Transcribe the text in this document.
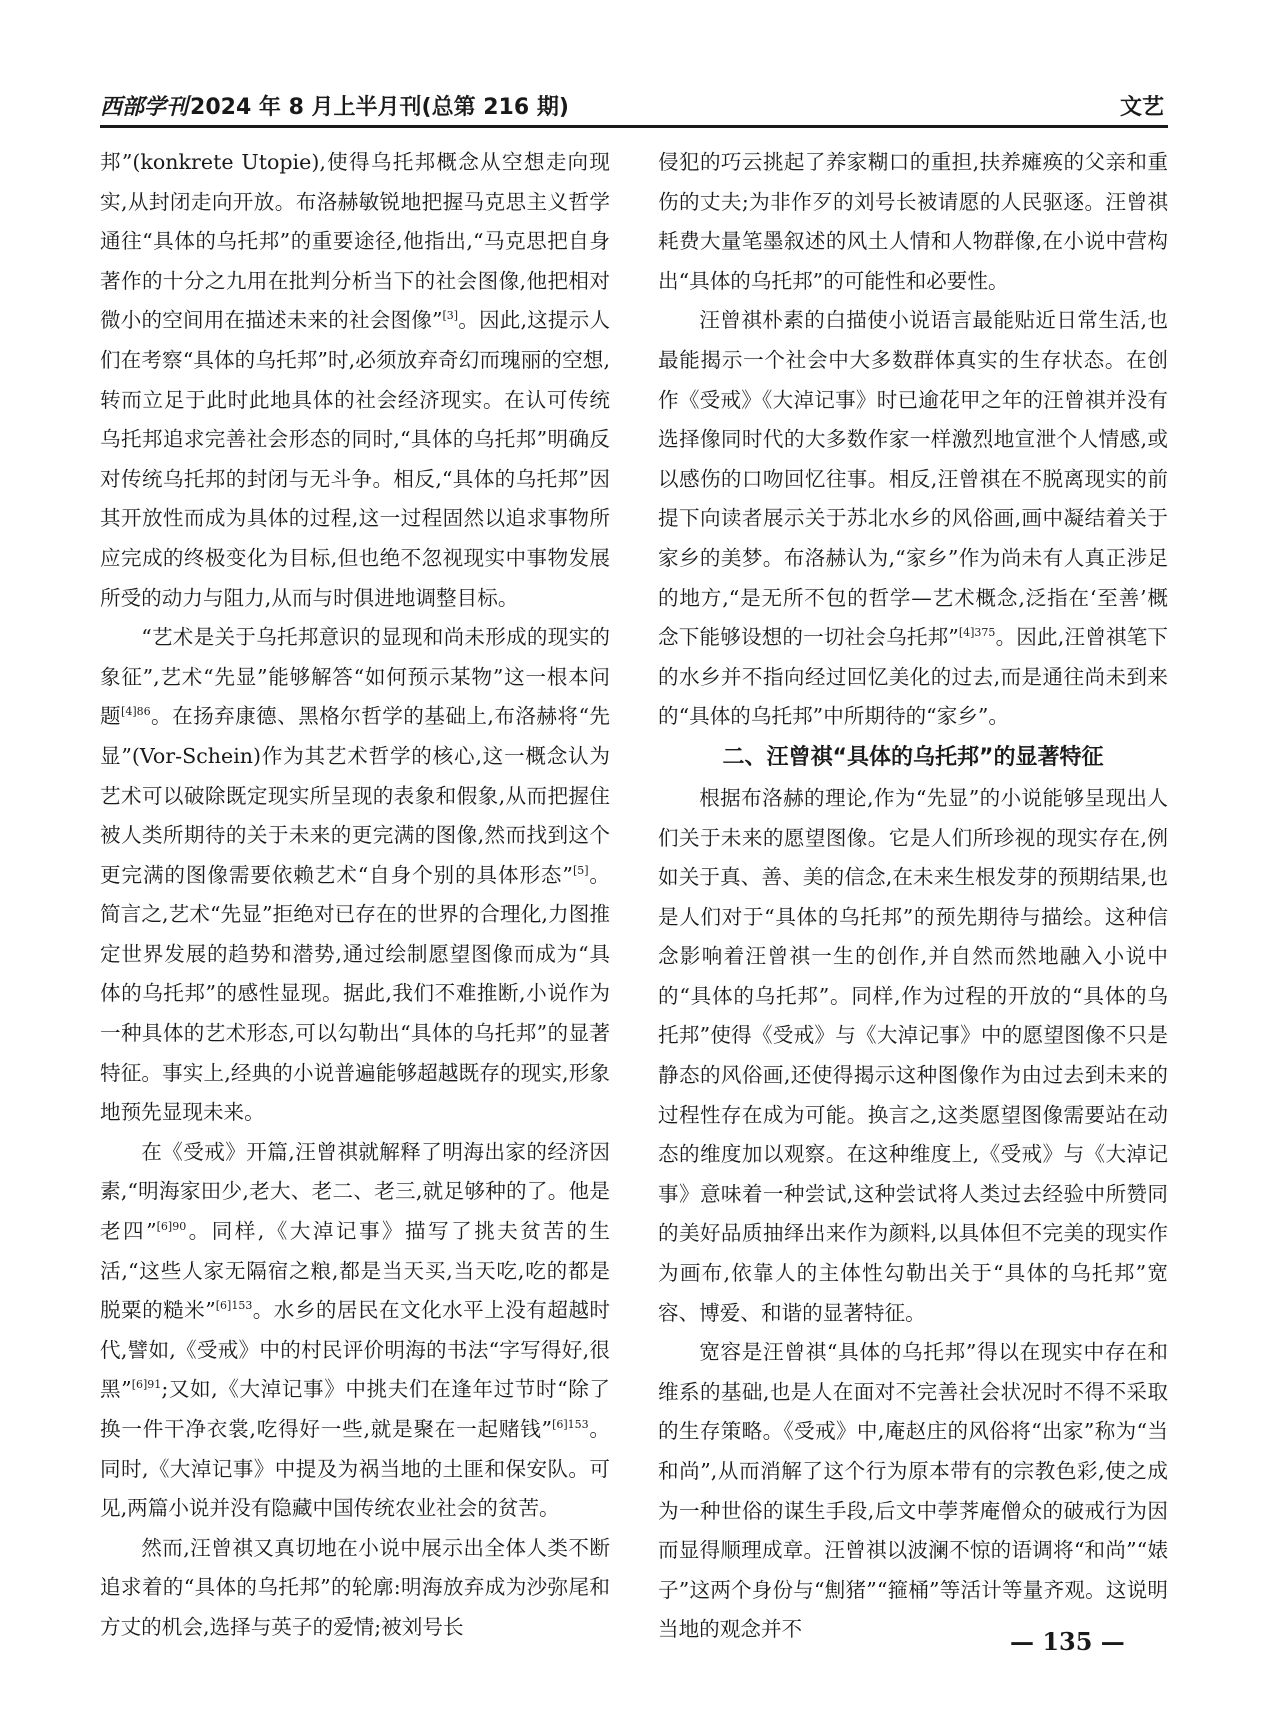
西部学刊2024 年 8 月上半月刊(总第 216 期)	文艺

邦”(konkrete Utopie),使得乌托邦概念从空想走向现实,从封闭走向开放。布洛赫敏锐地把握马克思主义哲学通往“具体的乌托邦”的重要途径,他指出,“马克思把自身著作的十分之九用在批判分析当下的社会图像,他把相对微小的空间用在描述未来的社会图像”[3]。因此,这提示人们在考察“具体的乌托邦”时,必须放弃奇幻而瑰丽的空想,转而立足于此时此地具体的社会经济现实。在认可传统乌托邦追求完善社会形态的同时,“具体的乌托邦”明确反对传统乌托邦的封闭与无斗争。相反,“具体的乌托邦”因其开放性而成为具体的过程,这一过程固然以追求事物所应完成的终极变化为目标,但也绝不忽视现实中事物发展所受的动力与阻力,从而与时俱进地调整目标。

“艺术是关于乌托邦意识的显现和尚未形成的现实的象征”,艺术“先显”能够解答“如何预示某物”这一根本问题$^{[4]86}$。在扬弃康德、黑格尔哲学的基础上,布洛赫将“先显”(Vor-Schein)作为其艺术哲学的核心,这一概念认为艺术可以破除既定现实所呈现的表象和假象,从而把握住被人类所期待的关于未来的更完满的图像,然而找到这个更完满的图像需要依赖艺术“自身个别的具体形态”[5]。简言之,艺术“先显”拒绝对已存在的世界的合理化,力图推定世界发展的趋势和潜势,通过绘制愿望图像而成为“具体的乌托邦”的感性显现。据此,我们不难推断,小说作为一种具体的艺术形态,可以勾勒出“具体的乌托邦”的显著特征。事实上,经典的小说普遍能够超越既存的现实,形象地预先显现未来。

在《受戒》开篇,汪曾祺就解释了明海出家的经济因素,“明海家田少,老大、老二、老三,就足够种的了。他是老四”$^{[6]90}$。同样,《大淖记事》描写了挑夫贫苦的生活,“这些人家无隔宿之粮,都是当天买,当天吃,吃的都是脱粟的糙米”$^{[6]153}$。水乡的居民在文化水平上没有超越时代,譬如,《受戒》中的村民评价明海的书法“字写得好,很黑”$^{[6]91}$;又如,《大淖记事》中挑夫们在逢年过节时“除了换一件干净衣裳,吃得好一些,就是聚在一起赌钱”$^{[6]153}$。同时,《大淖记事》中提及为祸当地的土匪和保安队。可见,两篇小说并没有隐藏中国传统农业社会的贫苦。

然而,汪曾祺又真切地在小说中展示出全体人类不断追求着的“具体的乌托邦”的轮廓:明海放弃成为沙弥尾和方丈的机会,选择与英子的爱情;被刘号长

侵犯的巧云挑起了养家糊口的重担,扶养瘫痪的父亲和重伤的丈夫;为非作歹的刘号长被请愿的人民驱逐。汪曾祺耗费大量笔墨叙述的风土人情和人物群像,在小说中营构出“具体的乌托邦”的可能性和必要性。

汪曾祺朴素的白描使小说语言最能贴近日常生活,也最能揭示一个社会中大多数群体真实的生存状态。在创作《受戒》《大淖记事》时已逾花甲之年的汪曾祺并没有选择像同时代的大多数作家一样激烈地宣泄个人情感,或以感伤的口吻回忆往事。相反,汪曾祺在不脱离现实的前提下向读者展示关于苏北水乡的风俗画,画中凝结着关于家乡的美梦。布洛赫认为,“家乡”作为尚未有人真正涉足的地方,“是无所不包的哲学—艺术概念,泛指在‘至善’概念下能够设想的一切社会乌托邦”$^{[4]375}$。因此,汪曾祺笔下的水乡并不指向经过回忆美化的过去,而是通往尚未到来的“具体的乌托邦”中所期待的“家乡”。

二、汪曾祺“具体的乌托邦”的显著特征

根据布洛赫的理论,作为“先显”的小说能够呈现出人们关于未来的愿望图像。它是人们所珍视的现实存在,例如关于真、善、美的信念,在未来生根发芽的预期结果,也是人们对于“具体的乌托邦”的预先期待与描绘。这种信念影响着汪曾祺一生的创作,并自然而然地融入小说中的“具体的乌托邦”。同样,作为过程的开放的“具体的乌托邦”使得《受戒》与《大淖记事》中的愿望图像不只是静态的风俗画,还使得揭示这种图像作为由过去到未来的过程性存在成为可能。换言之,这类愿望图像需要站在动态的维度加以观察。在这种维度上,《受戒》与《大淖记事》意味着一种尝试,这种尝试将人类过去经验中所赞同的美好品质抽绎出来作为颜料,以具体但不完美的现实作为画布,依靠人的主体性勾勒出关于“具体的乌托邦”宽容、博爱、和谐的显著特征。

宽容是汪曾祺“具体的乌托邦”得以在现实中存在和维系的基础,也是人在面对不完善社会状况时不得不采取的生存策略。《受戒》中,庵赵庄的风俗将“出家”称为“当和尚”,从而消解了这个行为原本带有的宗教色彩,使之成为一种世俗的谋生手段,后文中荸荠庵僧众的破戒行为因而显得顺理成章。汪曾祺以波澜不惊的语调将“和尚”“婊子”这两个身份与“劁猪”“箍桶”等活计等量齐观。这说明当地的观念并不	— 135 —
